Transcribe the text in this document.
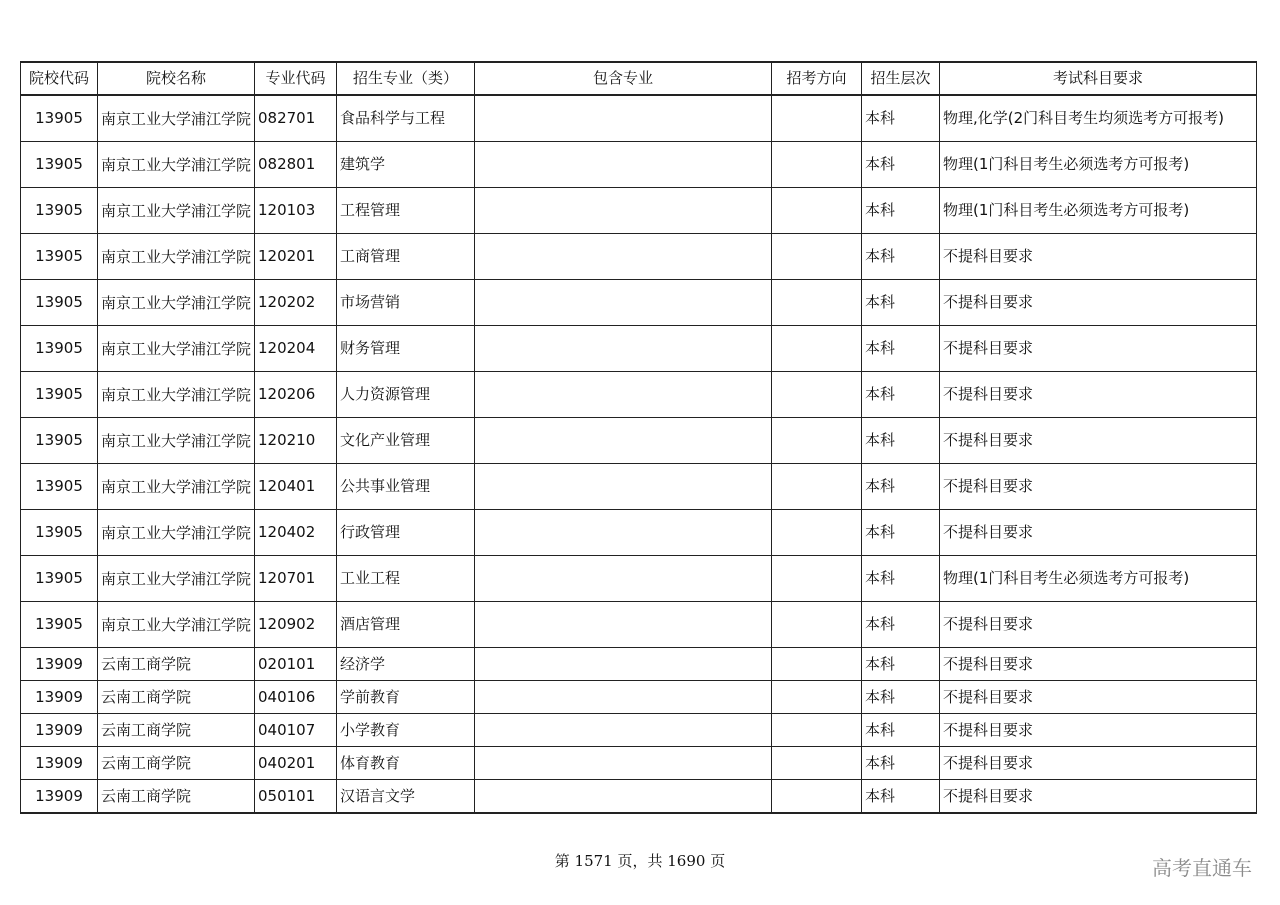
院校代码	院校名称	专业代码	招生专业（类）	包含专业	招考方向	招生层次	考试科目要求
13905	南京工业大学浦江学院	082701	食品科学与工程			本科	物理,化学(2门科目考生均须选考方可报考)
13905	南京工业大学浦江学院	082801	建筑学			本科	物理(1门科目考生必须选考方可报考)
13905	南京工业大学浦江学院	120103	工程管理			本科	物理(1门科目考生必须选考方可报考)
13905	南京工业大学浦江学院	120201	工商管理			本科	不提科目要求
13905	南京工业大学浦江学院	120202	市场营销			本科	不提科目要求
13905	南京工业大学浦江学院	120204	财务管理			本科	不提科目要求
13905	南京工业大学浦江学院	120206	人力资源管理			本科	不提科目要求
13905	南京工业大学浦江学院	120210	文化产业管理			本科	不提科目要求
13905	南京工业大学浦江学院	120401	公共事业管理			本科	不提科目要求
13905	南京工业大学浦江学院	120402	行政管理			本科	不提科目要求
13905	南京工业大学浦江学院	120701	工业工程			本科	物理(1门科目考生必须选考方可报考)
13905	南京工业大学浦江学院	120902	酒店管理			本科	不提科目要求
13909	云南工商学院	020101	经济学			本科	不提科目要求
13909	云南工商学院	040106	学前教育			本科	不提科目要求
13909	云南工商学院	040107	小学教育			本科	不提科目要求
13909	云南工商学院	040201	体育教育			本科	不提科目要求
13909	云南工商学院	050101	汉语言文学			本科	不提科目要求
第 1571 页，共 1690 页	高考直通车
